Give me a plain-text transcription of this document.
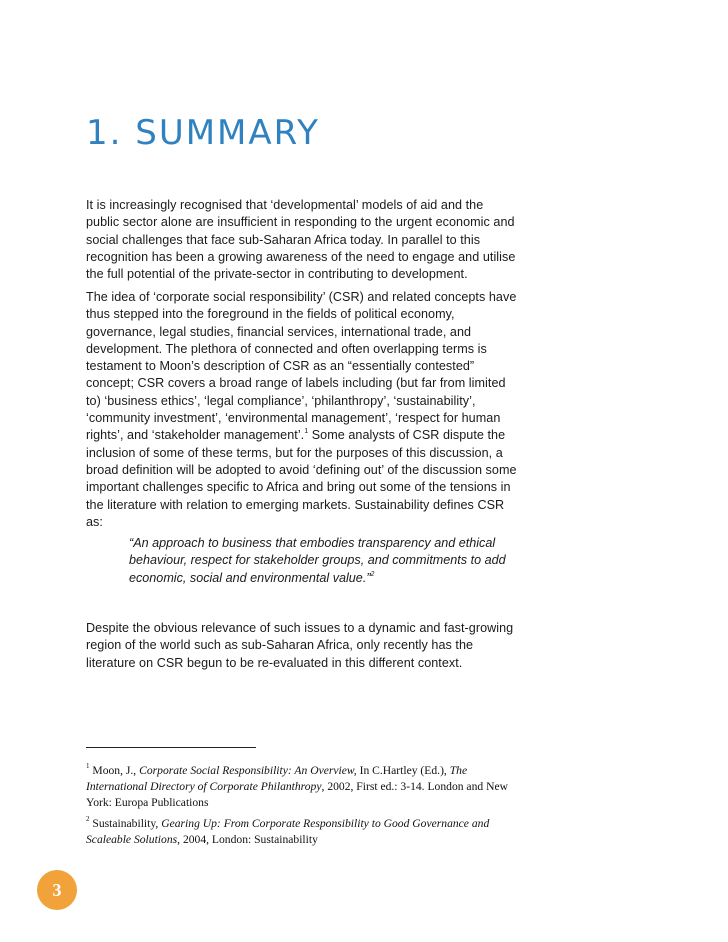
1. SUMMARY

It is increasingly recognised that ‘developmental’ models of aid and the public sector alone are insufficient in responding to the urgent economic and social challenges that face sub-Saharan Africa today. In parallel to this recognition has been a growing awareness of the need to engage and utilise the full potential of the private-sector in contributing to development.

The idea of ‘corporate social responsibility’ (CSR) and related concepts have thus stepped into the foreground in the fields of political economy, governance, legal studies, financial services, international trade, and development. The plethora of connected and often overlapping terms is testament to Moon’s description of CSR as an “essentially contested” concept; CSR covers a broad range of labels including (but far from limited to) ‘business ethics’, ‘legal compliance’, ‘philanthropy’, ‘sustainability’, ‘community investment’, ‘environmental management’, ‘respect for human rights’, and ‘stakeholder management’.$^1$ Some analysts of CSR dispute the inclusion of some of these terms, but for the purposes of this discussion, a broad definition will be adopted to avoid ‘defining out’ of the discussion some important challenges specific to Africa and bring out some of the tensions in the literature with relation to emerging markets. Sustainability defines CSR as:

“An approach to business that embodies transparency and ethical behaviour, respect for stakeholder groups, and commitments to add economic, social and environmental value.”$^2$

Despite the obvious relevance of such issues to a dynamic and fast-growing region of the world such as sub-Saharan Africa, only recently has the literature on CSR begun to be re-evaluated in this different context.

$^1$ Moon, J., Corporate Social Responsibility: An Overview, In C.Hartley (Ed.), The International Directory of Corporate Philanthropy, 2002, First ed.: 3-14. London and New York: Europa Publications

$^2$ Sustainability, Gearing Up: From Corporate Responsibility to Good Governance and Scaleable Solutions, 2004, London: Sustainability

3
